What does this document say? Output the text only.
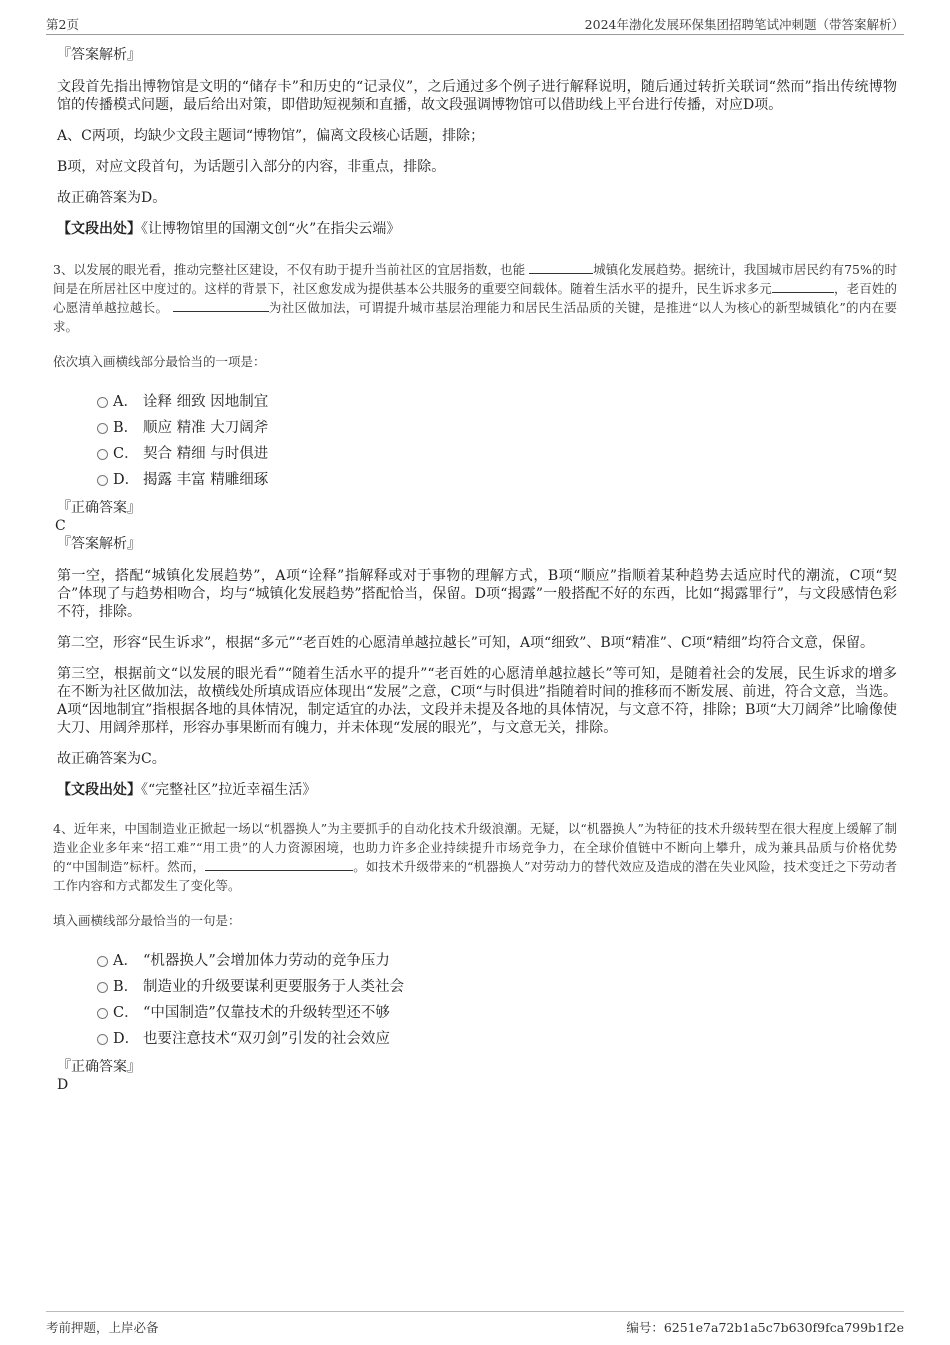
第2页	2024年渤化发展环保集团招聘笔试冲刺题（带答案解析）

『答案解析』

文段首先指出博物馆是文明的“储存卡”和历史的“记录仪”，之后通过多个例子进行解释说明，随后通过转折关联词“然而”指出传统博物馆的传播模式问题，最后给出对策，即借助短视频和直播，故文段强调博物馆可以借助线上平台进行传播，对应D项。

A、C两项，均缺少文段主题词“博物馆”，偏离文段核心话题，排除；

B项，对应文段首句，为话题引入部分的内容，非重点，排除。

故正确答案为D。

【文段出处】《让博物馆里的国潮文创“火”在指尖云端》

3、以发展的眼光看，推动完整社区建设，不仅有助于提升当前社区的宜居指数，也能	城镇化发展趋势。据统计，我国城市居民约有75%的时间是在所居社区中度过的。这样的背景下，社区愈发成为提供基本公共服务的重要空间载体。随着生活水平的提升，民生诉求多元	，老百姓的心愿清单越拉越长。	为社区做加法，可谓提升城市基层治理能力和居民生活品质的关键，是推进“以人为核心的新型城镇化”的内在要求。

依次填入画横线部分最恰当的一项是：

A． 诠释 细致 因地制宜
B． 顺应 精准 大刀阔斧
C． 契合 精细 与时俱进
D． 揭露 丰富 精雕细琢

『正确答案』

C

『答案解析』

第一空，搭配“城镇化发展趋势”，A项“诠释”指解释或对于事物的理解方式，B项“顺应”指顺着某种趋势去适应时代的潮流，C项“契合”体现了与趋势相吻合，均与“城镇化发展趋势”搭配恰当，保留。D项“揭露”一般搭配不好的东西，比如“揭露罪行”，与文段感情色彩不符，排除。

第二空，形容“民生诉求”，根据“多元”“老百姓的心愿清单越拉越长”可知，A项“细致”、B项“精准”、C项“精细”均符合文意，保留。

第三空，根据前文“以发展的眼光看”“随着生活水平的提升”“老百姓的心愿清单越拉越长”等可知，是随着社会的发展，民生诉求的增多在不断为社区做加法，故横线处所填成语应体现出“发展”之意，C项“与时俱进”指随着时间的推移而不断发展、前进，符合文意，当选。A项“因地制宜”指根据各地的具体情况，制定适宜的办法，文段并未提及各地的具体情况，与文意不符，排除；B项“大刀阔斧”比喻像使大刀、用阔斧那样，形容办事果断而有魄力，并未体现“发展的眼光”，与文意无关，排除。

故正确答案为C。

【文段出处】《“完整社区”拉近幸福生活》

4、近年来，中国制造业正掀起一场以“机器换人”为主要抓手的自动化技术升级浪潮。无疑，以“机器换人”为特征的技术升级转型在很大程度上缓解了制造业企业多年来“招工难”“用工贵”的人力资源困境，也助力许多企业持续提升市场竞争力，在全球价值链中不断向上攀升，成为兼具品质与价格优势的“中国制造”标杆。然而，	。如技术升级带来的“机器换人”对劳动力的替代效应及造成的潜在失业风险，技术变迁之下劳动者工作内容和方式都发生了变化等。

填入画横线部分最恰当的一句是：

A． “机器换人”会增加体力劳动的竞争压力
B． 制造业的升级要谋利更要服务于人类社会
C． “中国制造”仅靠技术的升级转型还不够
D． 也要注意技术“双刃剑”引发的社会效应

『正确答案』

D

考前押题，上岸必备	编号：6251e7a72b1a5c7b630f9fca799b1f2e
